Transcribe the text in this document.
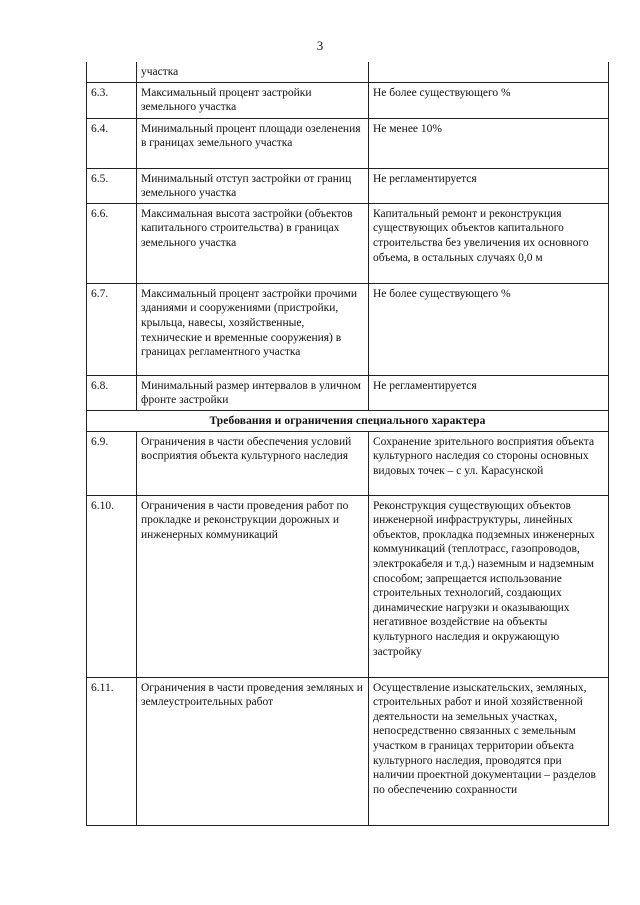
3
	участка	
6.3.	Максимальный процент застройки земельного участка	Не более существующего %
6.4.	Минимальный процент площади озеленения в границах земельного участка	Не менее 10%
6.5.	Минимальный отступ застройки от границ земельного участка	Не регламентируется
6.6.	Максимальная высота застройки (объектов капитального строительства) в границах земельного участка	Капитальный ремонт и реконструкция существующих объектов капитального строительства без увеличения их основного объема, в остальных случаях 0,0 м
6.7.	Максимальный процент застройки прочими зданиями и сооружениями (пристройки, крыльца, навесы, хозяйственные, технические и временные сооружения) в границах регламентного участка	Не более существующего %
6.8.	Минимальный размер интервалов в уличном фронте застройки	Не регламентируется
Требования и ограничения специального характера		
6.9.	Ограничения в части обеспечения условий восприятия объекта культурного наследия	Сохранение зрительного восприятия объекта культурного наследия со стороны основных видовых точек – с ул. Карасунской
6.10.	Ограничения в части проведения работ по прокладке и реконструкции дорожных и инженерных коммуникаций	Реконструкция существующих объектов инженерной инфраструктуры, линейных объектов, прокладка подземных инженерных коммуникаций (теплотрасс, газопроводов, электрокабеля и т.д.) наземным и надземным способом; запрещается использование строительных технологий, создающих динамические нагрузки и оказывающих негативное воздействие на объекты культурного наследия и окружающую застройку
6.11.	Ограничения в части проведения земляных и землеустроительных работ	Осуществление изыскательских, земляных, строительных работ и иной хозяйственной деятельности на земельных участках, непосредственно связанных с земельным участком в границах территории объекта культурного наследия, проводятся при наличии проектной документации – разделов по обеспечению сохранности
